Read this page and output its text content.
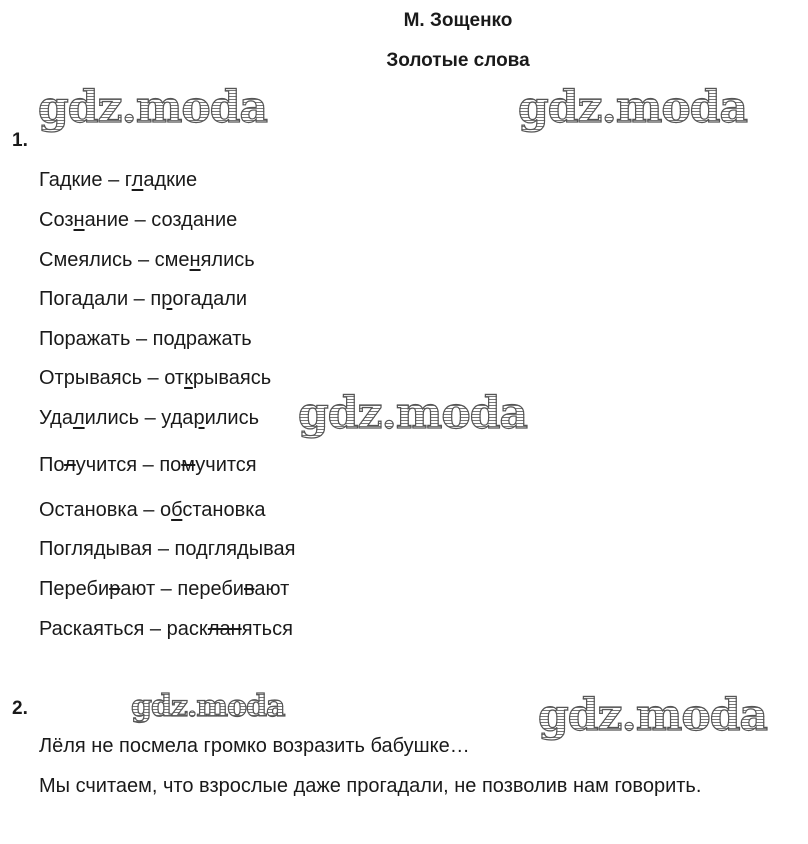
М. Зощенко
Золотые слова
gdz.moda	gdz.moda
gdz.moda
gdz.moda	gdz.moda
1.
Гадкие – гладкие
Сознание – создание
Смеялись – сменялись
Погадали – прогадали
Поражать – подражать
Отрываясь – открываясь
Удалились – ударились
Получится – помучится
Остановка – обстановка
Поглядывая – подглядывая
Перебирают – перебивают
Раскаяться – раскланяться
2.
Лёля не посмела громко возразить бабушке…
Мы считаем, что взрослые даже прогадали, не позволив нам говорить.
